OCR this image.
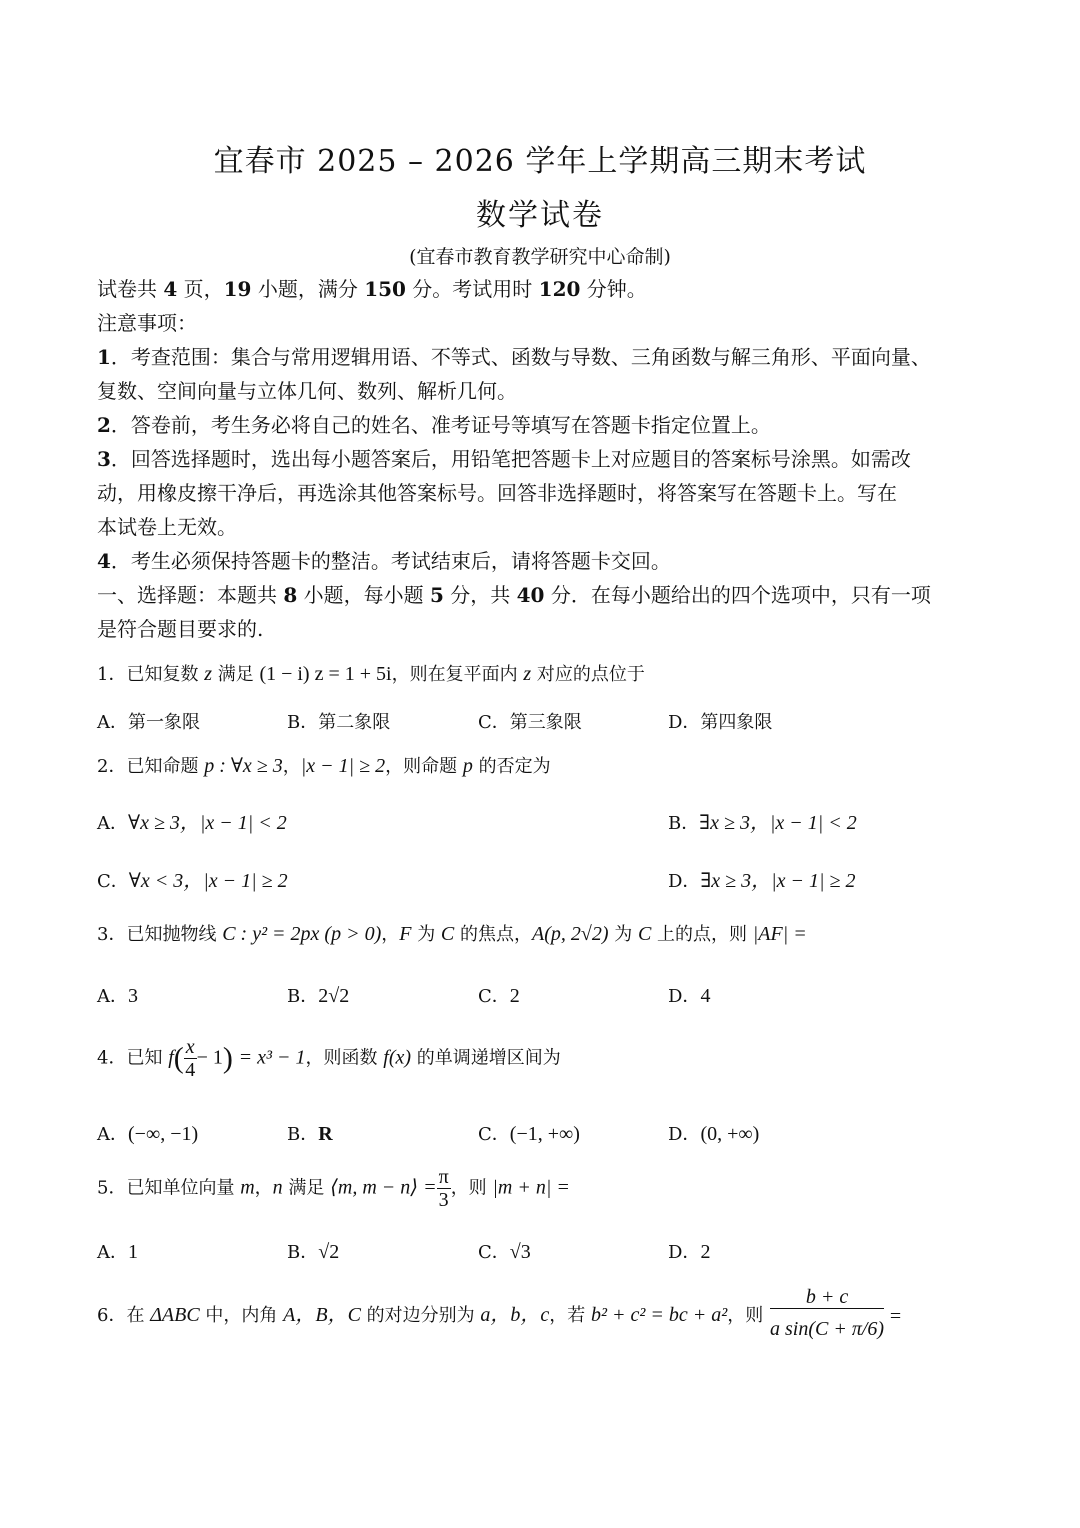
宜春市 2025 – 2026 学年上学期高三期末考试
数学试卷
(宜春市教育教学研究中心命制)
试卷共 4 页，19 小题，满分 150 分。考试用时 120 分钟。
注意事项：
1．考查范围：集合与常用逻辑用语、不等式、函数与导数、三角函数与解三角形、平面向量、
复数、空间向量与立体几何、数列、解析几何。
2．答卷前，考生务必将自己的姓名、准考证号等填写在答题卡指定位置上。
3．回答选择题时，选出每小题答案后，用铅笔把答题卡上对应题目的答案标号涂黑。如需改
动，用橡皮擦干净后，再选涂其他答案标号。回答非选择题时，将答案写在答题卡上。写在
本试卷上无效。
4．考生必须保持答题卡的整洁。考试结束后，请将答题卡交回。
一、选择题：本题共 8 小题，每小题 5 分，共 40 分．在每小题给出的四个选项中，只有一项
是符合题目要求的.
1．已知复数 z 满足 (1 − i) z = 1 + 5i，则在复平面内 z 对应的点位于
A．第一象限	B．第二象限	C．第三象限	D．第四象限
2．已知命题 p : ∀x ≥ 3，|x − 1| ≥ 2，则命题 p 的否定为
A．∀x ≥ 3，|x − 1| < 2	B．∃x ≥ 3，|x − 1| < 2
C．∀x < 3，|x − 1| ≥ 2	D．∃x ≥ 3，|x − 1| ≥ 2
3．已知抛物线 C : y² = 2px (p > 0)，F 为 C 的焦点，A(p, 2√2) 为 C 上的点，则 |AF| =
A．3	B．2√2	C．2	D．4
4．已知 $f( \frac{x}{4} - 1) = x^3 - 1$，则函数 f(x) 的单调递增区间为
A．(−∞, −1)	B．R	C．(−1, +∞)	D．(0, +∞)
5．已知单位向量 m，n 满足 ⟨m, m − n⟩ = $\frac{\pi}{3}$ ，则 |m + n| =
A．1	B．√2	C．√3	D．2
6．在 ΔABC 中，内角 A，B，C 的对边分别为 a，b，c，若 b² + c² = bc + a²，则 $\frac{b + c}{\text{a sin(C + π/6)}}$ =
